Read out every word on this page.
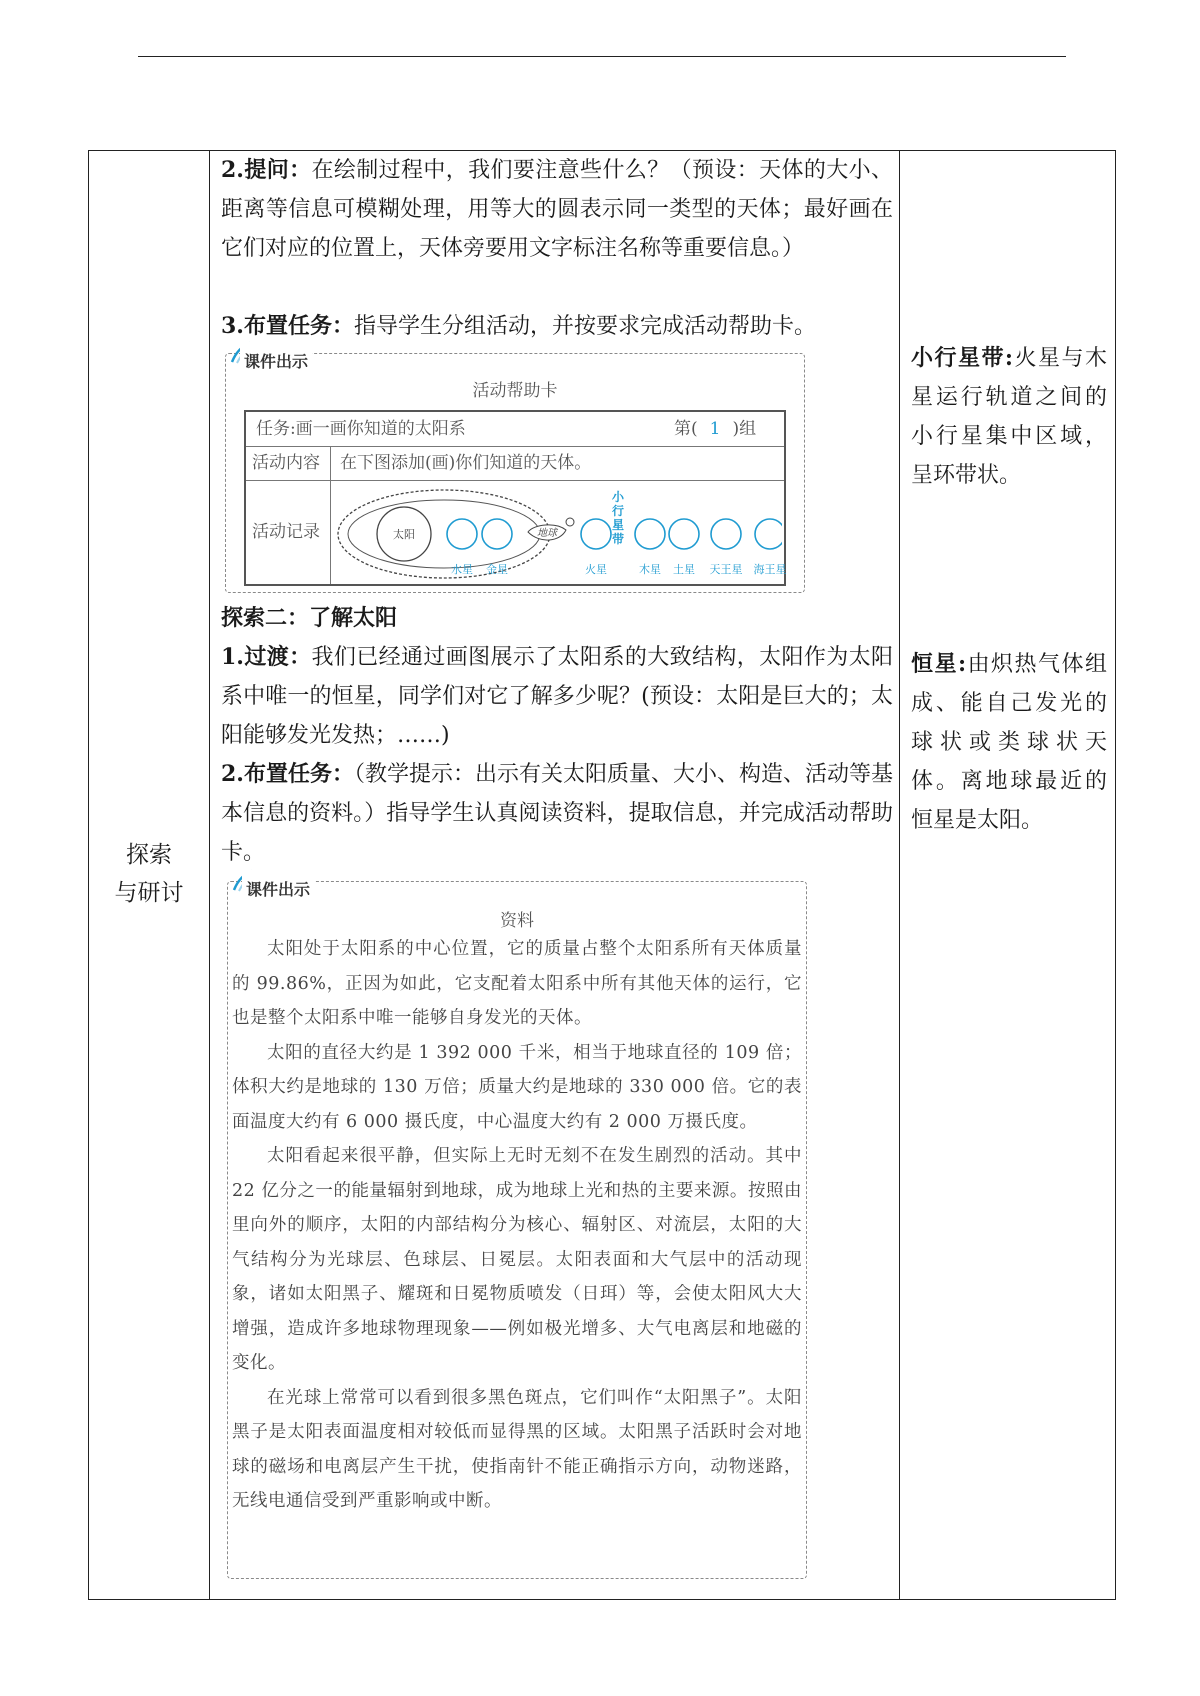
探索
与研讨

2.提问：在绘制过程中，我们要注意些什么？（预设：天体的大小、距离等信息可模糊处理，用等大的圆表示同一类型的天体；最好画在它们对应的位置上，天体旁要用文字标注名称等重要信息。）

3.布置任务：指导学生分组活动，并按要求完成活动帮助卡。

课件出示
活动帮助卡
任务:画一画你知道的太阳系	第( 1 )组
活动内容 在下图添加(画)你们知道的天体。
活动记录	太阳	地球
小行星带
水星	金星	火星	木星	土星	天王星	海王星

探索二：了解太阳

1.过渡：我们已经通过画图展示了太阳系的大致结构，太阳作为太阳系中唯一的恒星，同学们对它了解多少呢？(预设：太阳是巨大的；太阳能够发光发热；……)

2.布置任务：（教学提示：出示有关太阳质量、大小、构造、活动等基本信息的资料。）指导学生认真阅读资料，提取信息，并完成活动帮助卡。

课件出示
资料

太阳处于太阳系的中心位置，它的质量占整个太阳系所有天体质量的 99.86%，正因为如此，它支配着太阳系中所有其他天体的运行，它也是整个太阳系中唯一能够自身发光的天体。

太阳的直径大约是 1 392 000 千米，相当于地球直径的 109 倍；体积大约是地球的 130 万倍；质量大约是地球的 330 000 倍。它的表面温度大约有 6 000 摄氏度，中心温度大约有 2 000 万摄氏度。

太阳看起来很平静，但实际上无时无刻不在发生剧烈的活动。其中 22 亿分之一的能量辐射到地球，成为地球上光和热的主要来源。按照由里向外的顺序，太阳的内部结构分为核心、辐射区、对流层，太阳的大气结构分为光球层、色球层、日冕层。太阳表面和大气层中的活动现象，诸如太阳黑子、耀斑和日冕物质喷发（日珥）等，会使太阳风大大增强，造成许多地球物理现象——例如极光增多、大气电离层和地磁的变化。

在光球上常常可以看到很多黑色斑点，它们叫作“太阳黑子”。太阳黑子是太阳表面温度相对较低而显得黑的区域。太阳黑子活跃时会对地球的磁场和电离层产生干扰，使指南针不能正确指示方向，动物迷路，无线电通信受到严重影响或中断。

小行星带:火星与木星运行轨道之间的小行星集中区域，呈环带状。
恒星:由炽热气体组成、能自己发光的球状或类球状天体。离地球最近的恒星是太阳。
